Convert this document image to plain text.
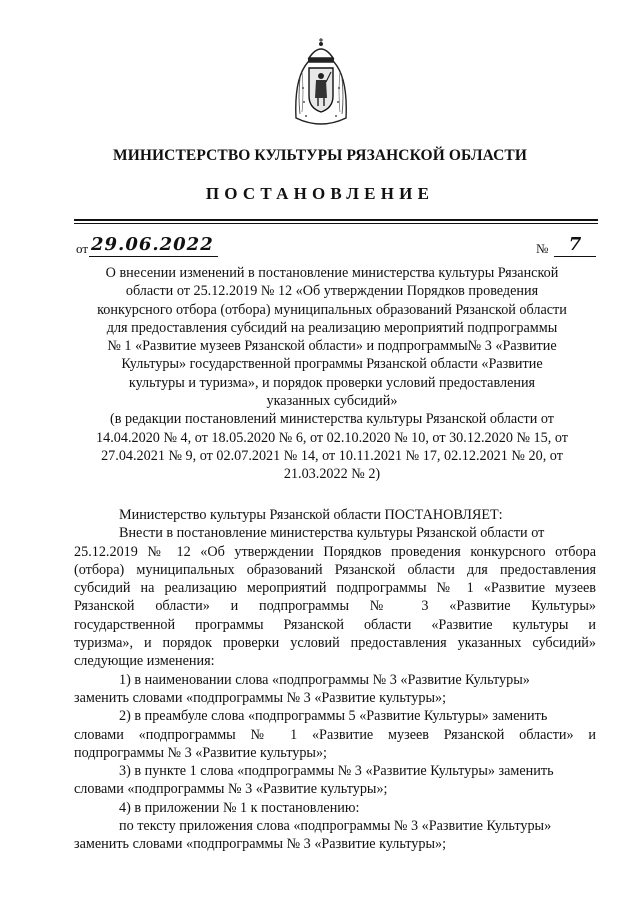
МИНИСТЕРСТВО КУЛЬТУРЫ РЯЗАНСКОЙ ОБЛАСТИ
ПОСТАНОВЛЕНИЕ
от 29.06.2022	№	7
О внесении изменений в постановление министерства культуры Рязанской
области от 25.12.2019 № 12 «Об утверждении Порядков проведения
конкурсного отбора (отбора) муниципальных образований Рязанской области
для предоставления субсидий на реализацию мероприятий подпрограммы
№ 1 «Развитие музеев Рязанской области» и подпрограммы№ 3 «Развитие
Культуры» государственной программы Рязанской области «Развитие
культуры и туризма», и порядок проверки условий предоставления
указанных субсидий»
(в редакции постановлений министерства культуры Рязанской области от
14.04.2020 № 4, от 18.05.2020 № 6, от 02.10.2020 № 10, от 30.12.2020 № 15, от
27.04.2021 № 9, от 02.07.2021 № 14, от 10.11.2021 № 17, 02.12.2021 № 20, от
21.03.2022 № 2)
Министерство культуры Рязанской области ПОСТАНОВЛЯЕТ:
Внести в постановление министерства культуры Рязанской области от
25.12.2019 № 12 «Об утверждении Порядков проведения конкурсного отбора
(отбора) муниципальных образований Рязанской области для предоставления
субсидий на реализацию мероприятий подпрограммы № 1 «Развитие музеев
Рязанской области» и подпрограммы № 3 «Развитие Культуры»
государственной программы Рязанской области «Развитие культуры и
туризма», и порядок проверки условий предоставления указанных субсидий»
следующие изменения:
1) в наименовании слова «подпрограммы № 3 «Развитие Культуры»
заменить словами «подпрограммы № 3 «Развитие культуры»;
2) в преамбуле слова «подпрограммы 5 «Развитие Культуры» заменить
словами «подпрограммы № 1 «Развитие музеев Рязанской области» и
подпрограммы № 3 «Развитие культуры»;
3) в пункте 1 слова «подпрограммы № 3 «Развитие Культуры» заменить
словами «подпрограммы № 3 «Развитие культуры»;
4) в приложении № 1 к постановлению:
по тексту приложения слова «подпрограммы № 3 «Развитие Культуры»
заменить словами «подпрограммы № 3 «Развитие культуры»;
